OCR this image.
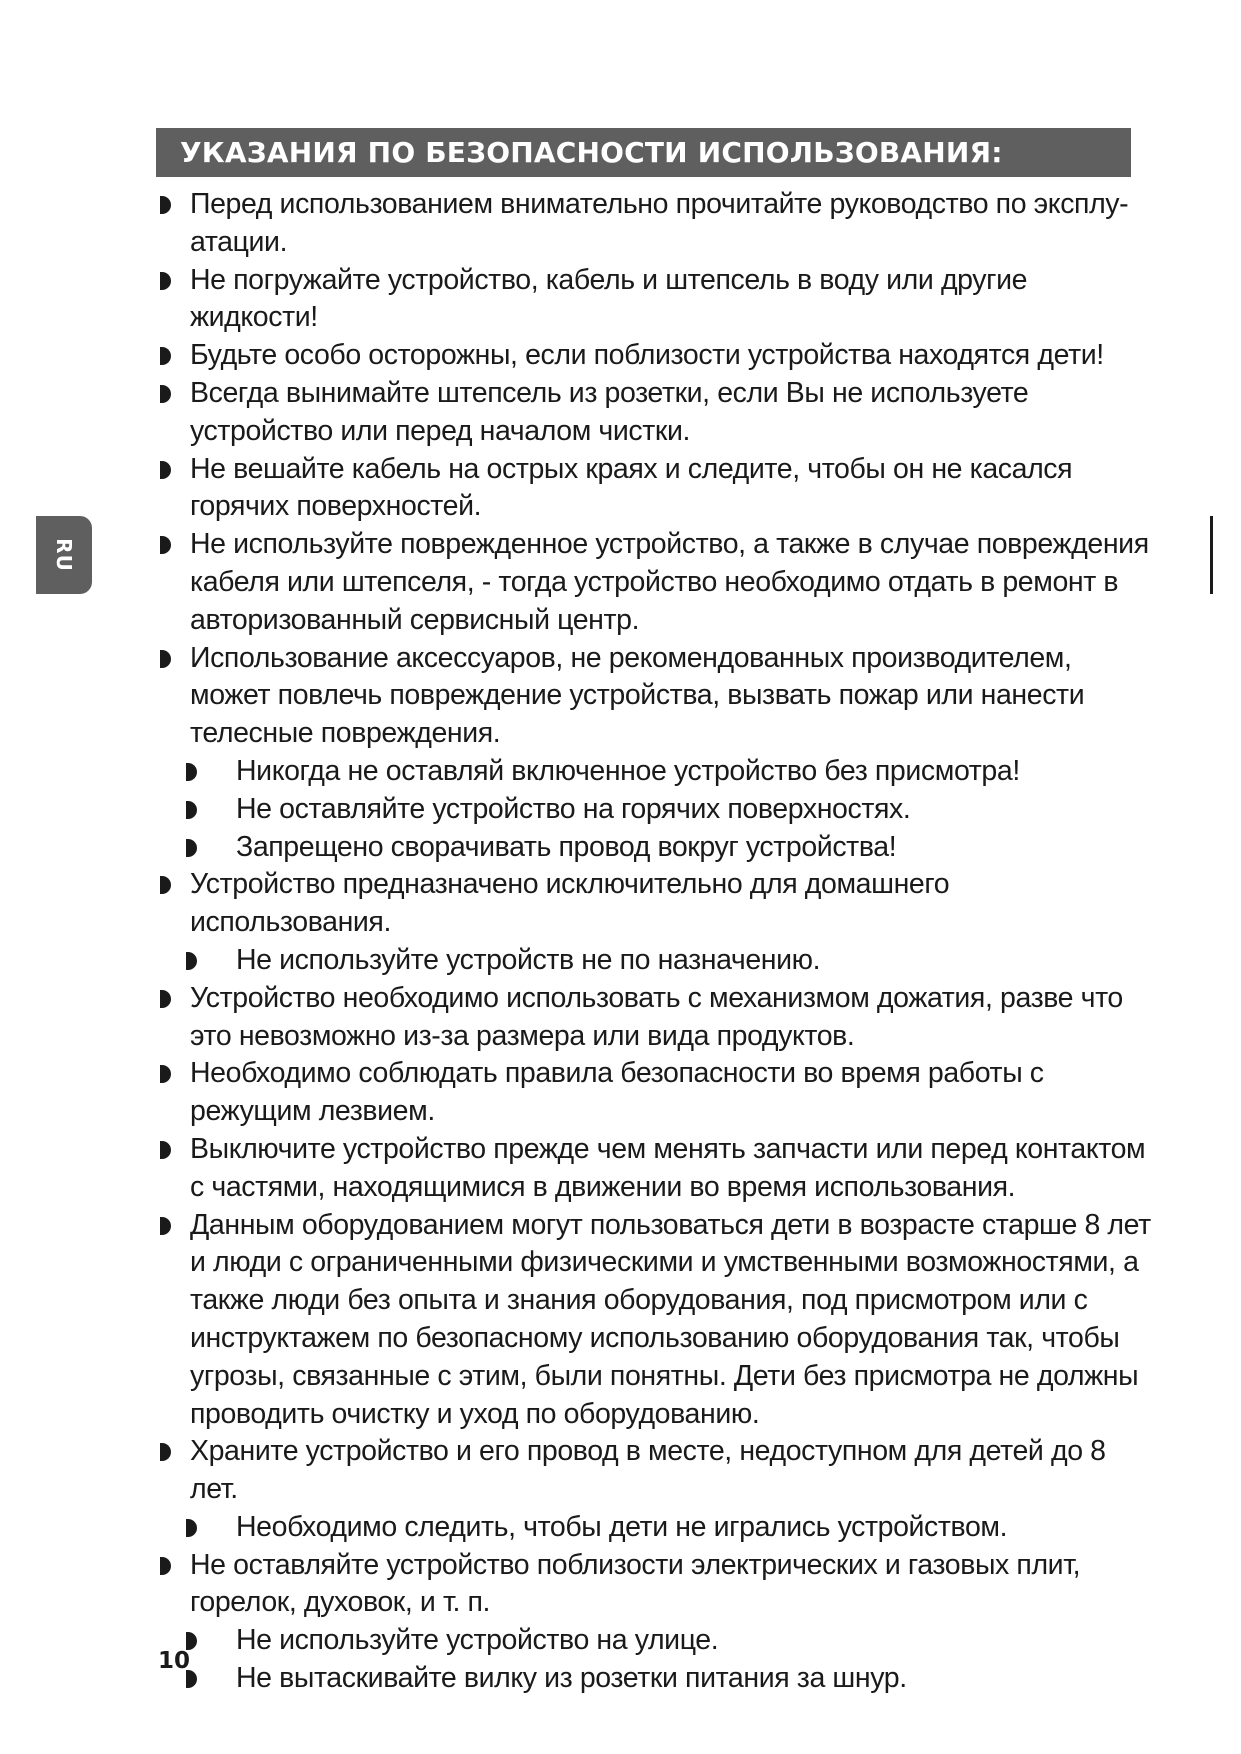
УКАЗАНИЯ ПО БЕЗОПАСНОСТИ ИСПОЛЬЗОВАНИЯ:
RU
Перед использованием внимательно прочитайте руководство по эксплу-атации.
Не погружайте устройство, кабель и штепсель в воду или другие жидкости!
Будьте особо осторожны, если поблизости устройства находятся дети!
Всегда вынимайте штепсель из розетки, если Вы не используете устройство или перед началом чистки.
Не вешайте кабель на острых краях и следите, чтобы он не касался горячих поверхностей.
Не используйте поврежденное устройство, а также в случае повреждения кабеля или штепселя, - тогда устройство необходимо отдать в ремонт в авторизованный сервисный центр.
Использование аксессуаров, не рекомендованных производителем, может повлечь повреждение устройства, вызвать пожар или нанести телесные повреждения.
Никогда не оставляй включенное устройство без присмотра!
Не оставляйте устройство на горячих поверхностях.
Запрещено сворачивать провод вокруг устройства!
Устройство предназначено исключительно для домашнего использования.
Не используйте устройств не по назначению.
Устройство необходимо использовать с механизмом дожатия, разве что это невозможно из-за размера или вида продуктов.
Необходимо соблюдать правила безопасности во время работы с режущим лезвием.
Выключите устройство прежде чем менять запчасти или перед контактом с частями, находящимися в движении во время использования.
Данным оборудованием могут пользоваться дети в возрасте старше 8 лет и люди с ограниченными физическими и умственными возможностями, а также люди без опыта и знания оборудования, под присмотром или с инструктажем по безопасному использованию оборудования так, чтобы угрозы, связанные с этим, были понятны. Дети без присмотра не должны проводить очистку и уход по оборудованию.
Храните устройство и его провод в месте, недоступном для детей до 8 лет.
Необходимо следить, чтобы дети не игрались устройством.
Не оставляйте устройство поблизости электрических и газовых плит, горелок, духовок, и т. п.
Не используйте устройство на улице.
Не вытаскивайте вилку из розетки питания за шнур.
10
